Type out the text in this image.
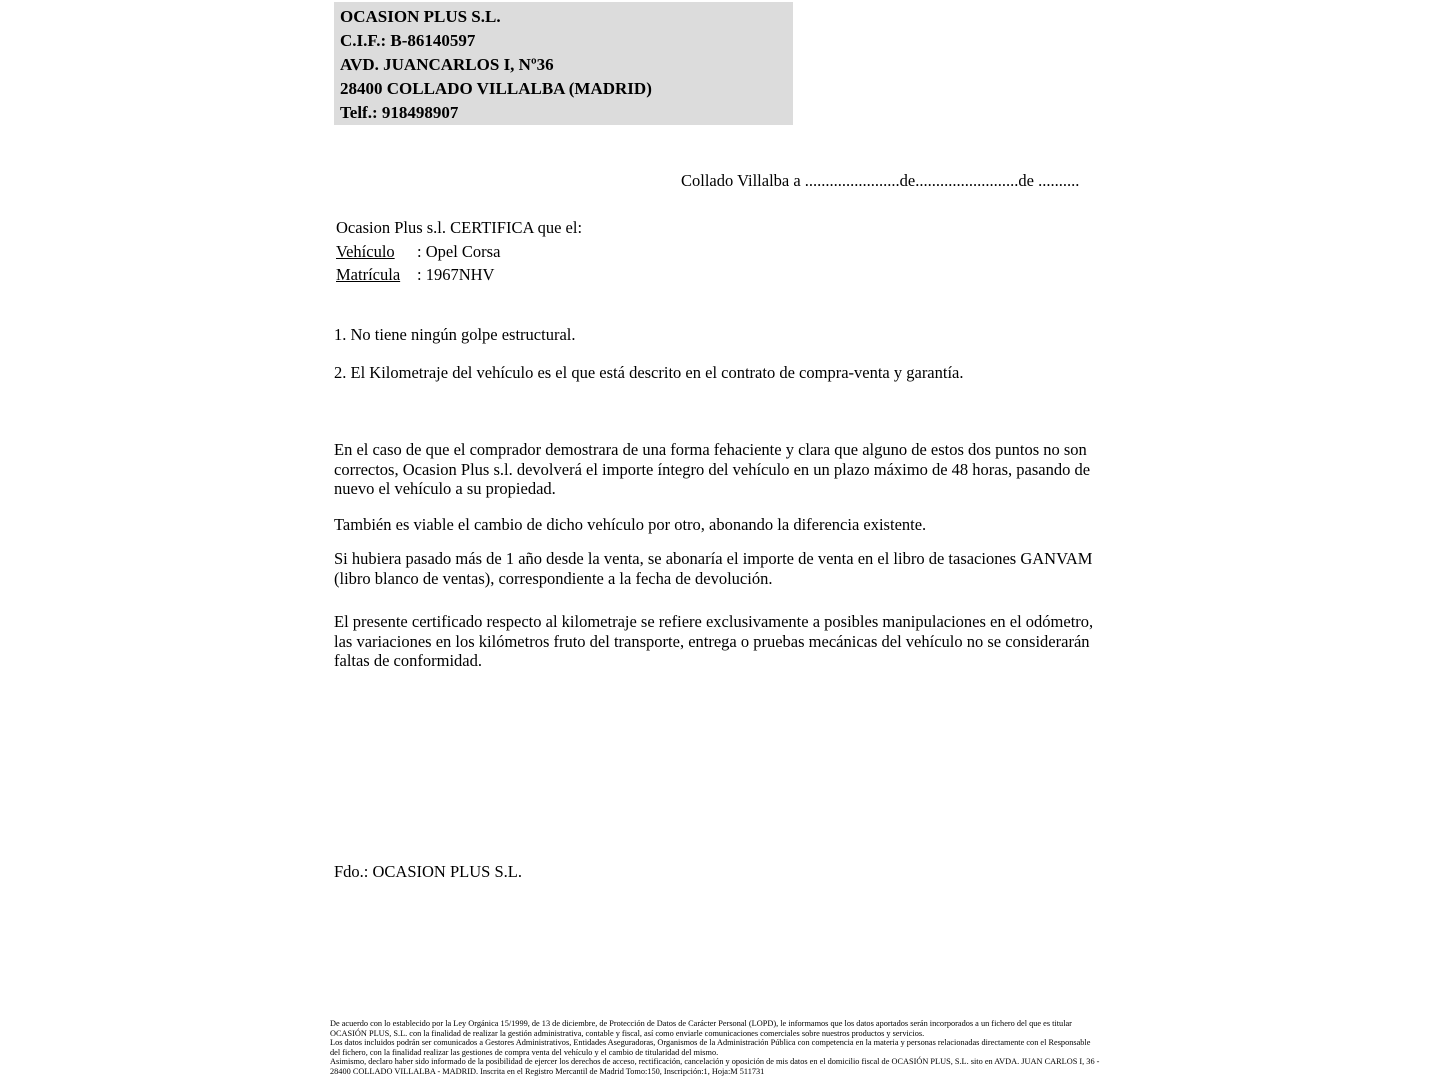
OCASION PLUS S.L.
C.I.F.: B-86140597
AVD. JUANCARLOS I, Nº36
28400 COLLADO VILLALBA (MADRID)
Telf.: 918498907
Collado Villalba a .......................de.........................de ..........
Ocasion Plus s.l. CERTIFICA que el:
Vehículo : Opel Corsa
Matrícula : 1967NHV
1. No tiene ningún golpe estructural.
2. El Kilometraje del vehículo es el que está descrito en el contrato de compra-venta y garantía.
En el caso de que el comprador demostrara de una forma fehaciente y clara que alguno de estos dos puntos no son correctos, Ocasion Plus s.l. devolverá el importe íntegro del vehículo en un plazo máximo de 48 horas, pasando de nuevo el vehículo a su propiedad.
También es viable el cambio de dicho vehículo por otro, abonando la diferencia existente.
Si hubiera pasado más de 1 año desde la venta, se abonaría el importe de venta en el libro de tasaciones GANVAM (libro blanco de ventas), correspondiente a la fecha de devolución.
El presente certificado respecto al kilometraje se refiere exclusivamente a posibles manipulaciones en el odómetro, las variaciones en los kilómetros fruto del transporte, entrega o pruebas mecánicas del vehículo no se considerarán faltas de conformidad.
Fdo.: OCASION PLUS S.L.
De acuerdo con lo establecido por la Ley Orgánica 15/1999, de 13 de diciembre, de Protección de Datos de Carácter Personal (LOPD), le informamos que los datos aportados serán incorporados a un fichero del que es titular OCASIÓN PLUS, S.L. con la finalidad de realizar la gestión administrativa, contable y fiscal, así como enviarle comunicaciones comerciales sobre nuestros productos y servicios.
Los datos incluidos podrán ser comunicados a Gestores Administrativos, Entidades Aseguradoras, Organismos de la Administración Pública con competencia en la materia y personas relacionadas directamente con el Responsable del fichero, con la finalidad realizar las gestiones de compra venta del vehículo y el cambio de titularidad del mismo.
Asimismo, declaro haber sido informado de la posibilidad de ejercer los derechos de acceso, rectificación, cancelación y oposición de mis datos en el domicilio fiscal de OCASIÓN PLUS, S.L. sito en AVDA. JUAN CARLOS I, 36 - 28400 COLLADO VILLALBA - MADRID. Inscrita en el Registro Mercantil de Madrid Tomo:150, Inscripción:1, Hoja:M 511731
